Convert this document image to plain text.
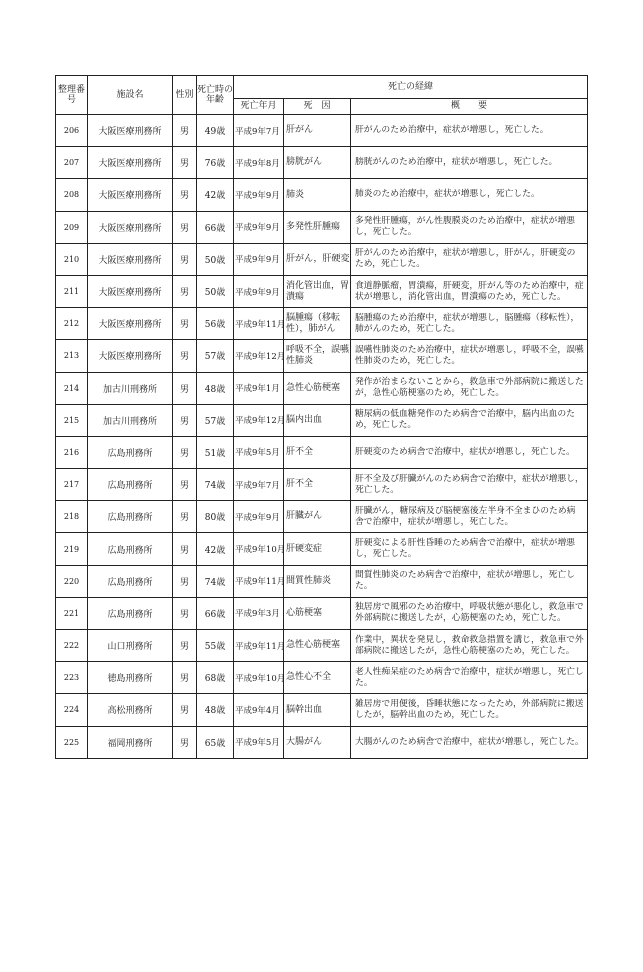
整理番号	施設名	性別	死亡時の年齢	死亡の経緯		
				死亡年月	死　因	概　　要
206	大阪医療刑務所	男	49歳	平成9年7月	肝がん	肝がんのため治療中，症状が増悪し，死亡した。
207	大阪医療刑務所	男	76歳	平成9年8月	膀胱がん	膀胱がんのため治療中，症状が増悪し，死亡した。
208	大阪医療刑務所	男	42歳	平成9年9月	肺炎	肺炎のため治療中，症状が増悪し，死亡した。
209	大阪医療刑務所	男	66歳	平成9年9月	多発性肝腫瘍	多発性肝腫瘍，がん性腹膜炎のため治療中，症状が増悪し，死亡した。
210	大阪医療刑務所	男	50歳	平成9年9月	肝がん，肝硬変	肝がんのため治療中，症状が増悪し，肝がん，肝硬変のため，死亡した。
211	大阪医療刑務所	男	50歳	平成9年9月	消化管出血，胃潰瘍	食道静脈瘤，胃潰瘍，肝硬変，肝がん等のため治療中，症状が増悪し，消化管出血，胃潰瘍のため，死亡した。
212	大阪医療刑務所	男	56歳	平成9年11月	脳腫瘍（移転性），肺がん	脳腫瘍のため治療中，症状が増悪し，脳腫瘍（移転性），肺がんのため，死亡した。
213	大阪医療刑務所	男	57歳	平成9年12月	呼吸不全，誤嚥性肺炎	誤嚥性肺炎のため治療中，症状が増悪し，呼吸不全，誤嚥性肺炎のため，死亡した。
214	加古川刑務所	男	48歳	平成9年1月	急性心筋梗塞	発作が治まらないことから，救急車で外部病院に搬送したが，急性心筋梗塞のため，死亡した。
215	加古川刑務所	男	57歳	平成9年12月	脳内出血	糖尿病の低血糖発作のため病舎で治療中，脳内出血のため，死亡した。
216	広島刑務所	男	51歳	平成9年5月	肝不全	肝硬変のため病舎で治療中，症状が増悪し，死亡した。
217	広島刑務所	男	74歳	平成9年7月	肝不全	肝不全及び肝臓がんのため病舎で治療中，症状が増悪し，死亡した。
218	広島刑務所	男	80歳	平成9年9月	肝臓がん	肝臓がん，糖尿病及び脳梗塞後左半身不全まひのため病舎で治療中，症状が増悪し，死亡した。
219	広島刑務所	男	42歳	平成9年10月	肝硬変症	肝硬変による肝性昏睡のため病舎で治療中，症状が増悪し，死亡した。
220	広島刑務所	男	74歳	平成9年11月	間質性肺炎	間質性肺炎のため病舎で治療中，症状が増悪し，死亡した。
221	広島刑務所	男	66歳	平成9年3月	心筋梗塞	独居房で風邪のため治療中，呼吸状態が悪化し，救急車で外部病院に搬送したが，心筋梗塞のため，死亡した。
222	山口刑務所	男	55歳	平成9年11月	急性心筋梗塞	作業中，異状を発見し，救命救急措置を講じ，救急車で外部病院に搬送したが，急性心筋梗塞のため，死亡した。
223	徳島刑務所	男	68歳	平成9年10月	急性心不全	老人性痴呆症のため病舎で治療中，症状が増悪し，死亡した。
224	高松刑務所	男	48歳	平成9年4月	脳幹出血	雑居房で用便後，昏睡状態になったため，外部病院に搬送したが，脳幹出血のため，死亡した。
225	福岡刑務所	男	65歳	平成9年5月	大腸がん	大腸がんのため病舎で治療中，症状が増悪し，死亡した。
